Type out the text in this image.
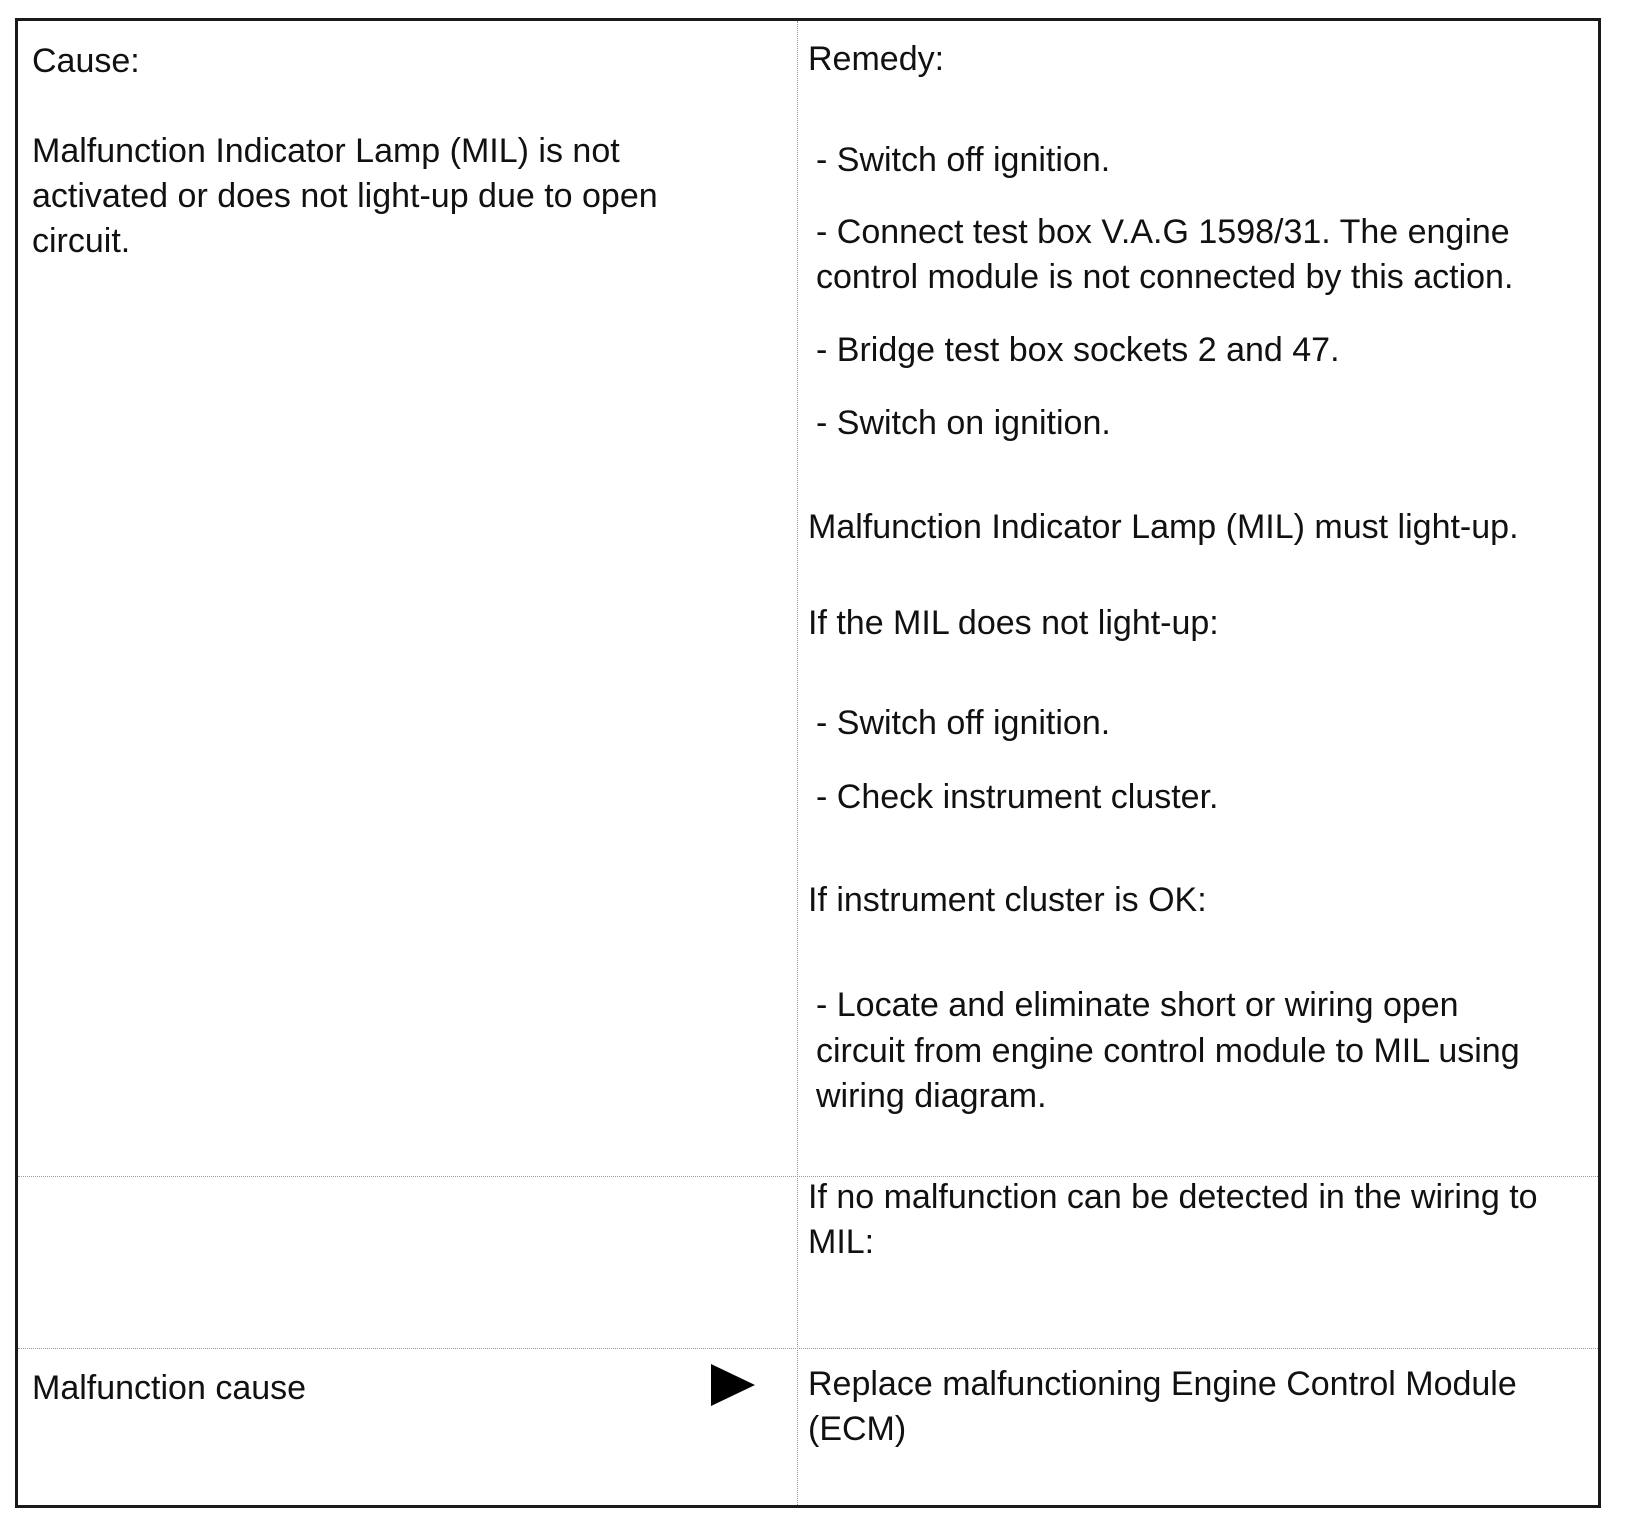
Cause:

Malfunction Indicator Lamp (MIL) is not

activated or does not light-up due to open

circuit.

Malfunction cause

Remedy:

- Switch off ignition.

- Connect test box V.A.G 1598/31. The engine

control module is not connected by this action.

- Bridge test box sockets 2 and 47.

- Switch on ignition.

Malfunction Indicator Lamp (MIL) must light-up.

If the MIL does not light-up:

- Switch off ignition.

- Check instrument cluster.

If instrument cluster is OK:

- Locate and eliminate short or wiring open

circuit from engine control module to MIL using

wiring diagram.

If no malfunction can be detected in the wiring to

MIL:

Replace malfunctioning Engine Control Module

(ECM)
